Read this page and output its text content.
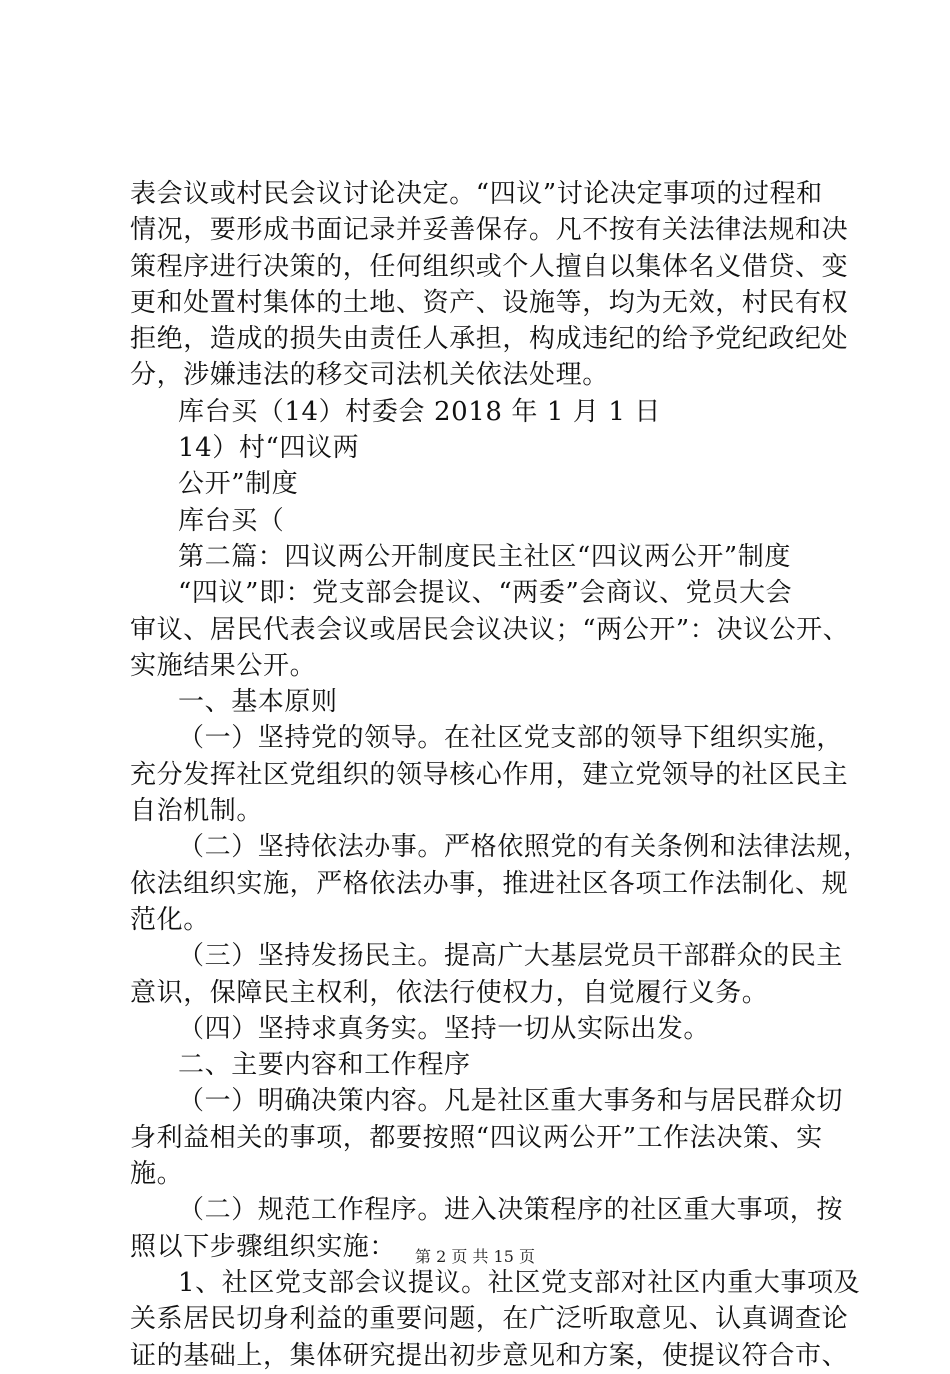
表会议或村民会议讨论决定。“四议”讨论决定事项的过程和
情况，要形成书面记录并妥善保存。凡不按有关法律法规和决
策程序进行决策的，任何组织或个人擅自以集体名义借贷、变
更和处置村集体的土地、资产、设施等，均为无效，村民有权
拒绝，造成的损失由责任人承担，构成违纪的给予党纪政纪处
分，涉嫌违法的移交司法机关依法处理。
库台买（14）村委会 2018 年 1 月 1 日
14）村“四议两
公开”制度
库台买（
第二篇：四议两公开制度民主社区“四议两公开”制度
“四议”即：党支部会提议、“两委”会商议、党员大会
审议、居民代表会议或居民会议决议；“两公开”：决议公开、
实施结果公开。
一、基本原则
（一）坚持党的领导。在社区党支部的领导下组织实施，
充分发挥社区党组织的领导核心作用，建立党领导的社区民主
自治机制。
（二）坚持依法办事。严格依照党的有关条例和法律法规，
依法组织实施，严格依法办事，推进社区各项工作法制化、规
范化。
（三）坚持发扬民主。提高广大基层党员干部群众的民主
意识，保障民主权利，依法行使权力，自觉履行义务。
（四）坚持求真务实。坚持一切从实际出发。
二、主要内容和工作程序
（一）明确决策内容。凡是社区重大事务和与居民群众切
身利益相关的事项，都要按照“四议两公开”工作法决策、实
施。
（二）规范工作程序。进入决策程序的社区重大事项，按
照以下步骤组织实施：
1、社区党支部会议提议。社区党支部对社区内重大事项及
关系居民切身利益的重要问题，在广泛听取意见、认真调查论
证的基础上，集体研究提出初步意见和方案，使提议符合市、
第 2 页 共 15 页
